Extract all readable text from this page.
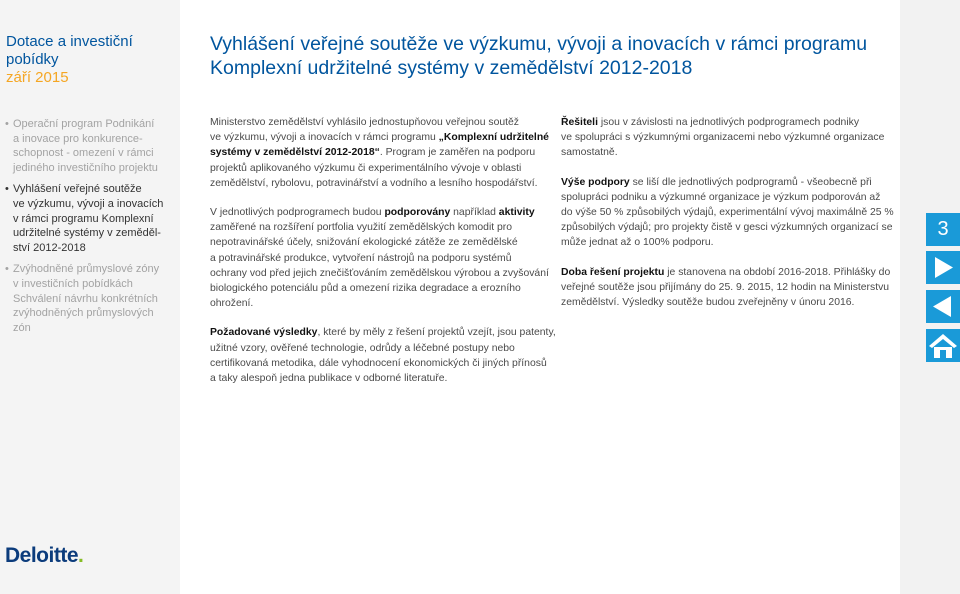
Dotace a investiční pobídky
září 2015
• Operační program Podnikání
a inovace pro konkurence-
schopnost - omezení v rámci
jediného investičního projektu
• Vyhlášení veřejné soutěže
ve výzkumu, vývoji a inovacích
v rámci programu Komplexní
udržitelné systémy v zeměděl-
ství 2012-2018
• Zvýhodněné průmyslové zóny
v investičních pobídkách
Schválení návrhu konkrétních
zvýhodněných průmyslových
zón
Deloitte.
Vyhlášení veřejné soutěže ve výzkumu, vývoji a inovacích v rámci programu
Komplexní udržitelné systémy v zemědělství 2012-2018

Ministerstvo zemědělství vyhlásilo jednostupňovou veřejnou soutěž
ve výzkumu, vývoji a inovacích v rámci programu „Komplexní udržitelné
systémy v zemědělství 2012-2018“. Program je zaměřen na podporu
projektů aplikovaného výzkumu či experimentálního vývoje v oblasti
zemědělství, rybolovu, potravinářství a vodního a lesního hospodářství.

V jednotlivých podprogramech budou podporovány například aktivity
zaměřené na rozšíření portfolia využití zemědělských komodit pro
nepotravinářské účely, snižování ekologické zátěže ze zemědělské
a potravinářské produkce, vytvoření nástrojů na podporu systémů
ochrany vod před jejich znečišťováním zemědělskou výrobou a zvyšování
biologického potenciálu půd a omezení rizika degradace a erozního
ohrožení.

Požadované výsledky, které by měly z řešení projektů vzejít, jsou patenty,
užitné vzory, ověřené technologie, odrůdy a léčebné postupy nebo
certifikovaná metodika, dále vyhodnocení ekonomických či jiných přínosů
a taky alespoň jedna publikace v odborné literatuře.

Řešiteli jsou v závislosti na jednotlivých podprogramech podniky
ve spolupráci s výzkumnými organizacemi nebo výzkumné organizace
samostatně.

Výše podpory se liší dle jednotlivých podprogramů - všeobecně při
spolupráci podniku a výzkumné organizace je výzkum podporován až
do výše 50 % způsobilých výdajů, experimentální vývoj maximálně 25 %
způsobilých výdajů; pro projekty čistě v gesci výzkumných organizací se
může jednat až o 100% podporu.

Doba řešení projektu je stanovena na období 2016-2018. Přihlášky do
veřejné soutěže jsou přijímány do 25. 9. 2015, 12 hodin na Ministerstvu
zemědělství. Výsledky soutěže budou zveřejněny v únoru 2016.

3
